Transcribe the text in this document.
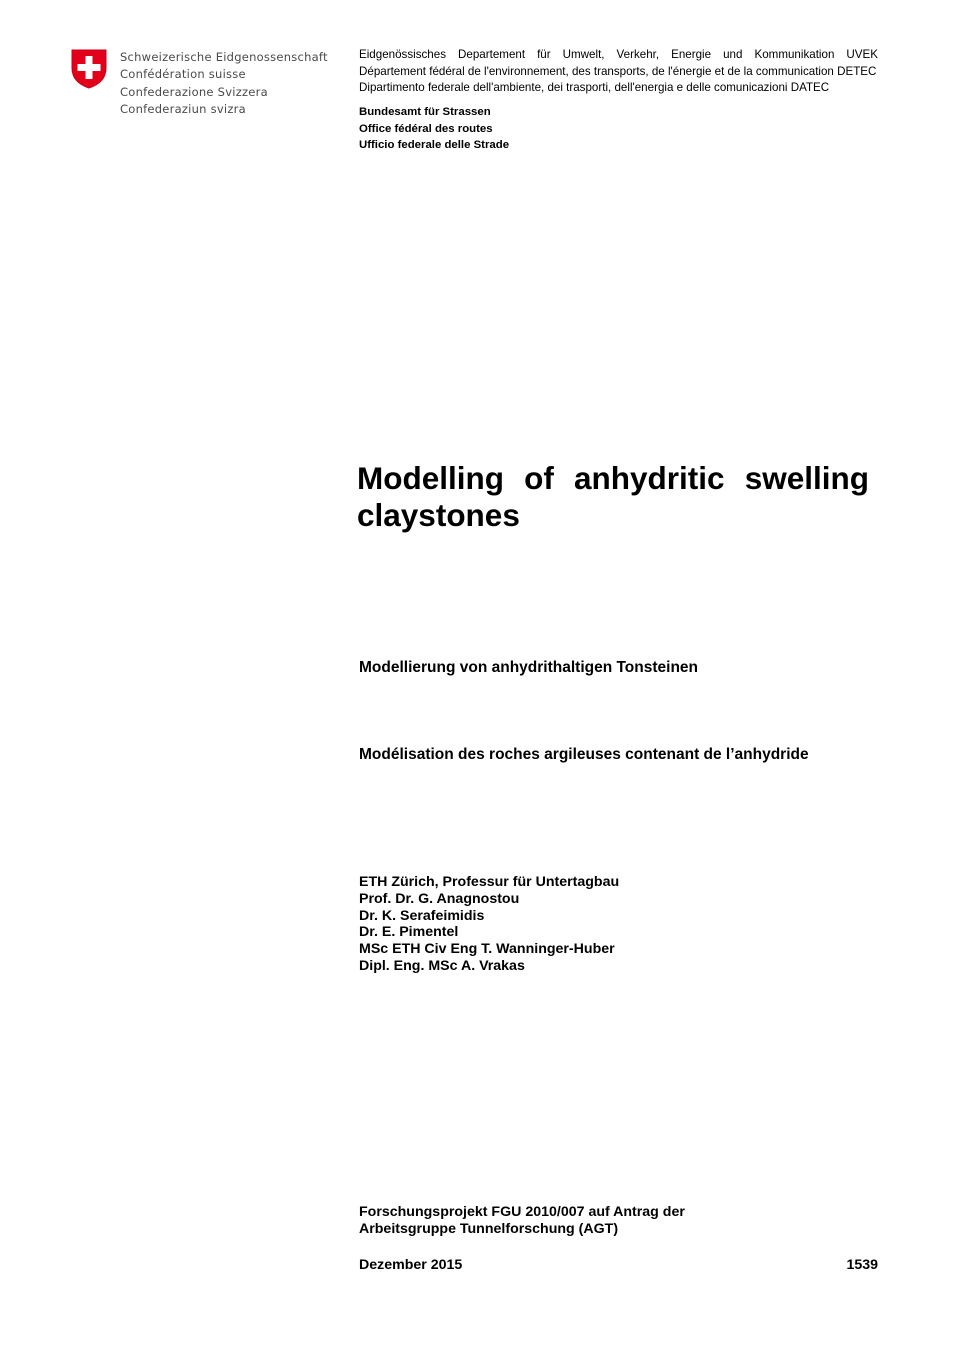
Schweizerische Eidgenossenschaft
Confédération suisse
Confederazione Svizzera
Confederaziun svizra
Eidgenössisches Departement für Umwelt, Verkehr, Energie und Kommunikation UVEK
Département fédéral de l'environnement, des transports, de l'énergie et de la communication DETEC
Dipartimento federale dell'ambiente, dei trasporti, dell'energia e delle comunicazioni DATEC
Bundesamt für Strassen
Office fédéral des routes
Ufficio federale delle Strade
Modelling of anhydritic swelling
claystones
Modellierung von anhydrithaltigen Tonsteinen
Modélisation des roches argileuses contenant de l’anhydride
ETH Zürich, Professur für Untertagbau
Prof. Dr. G. Anagnostou
Dr. K. Serafeimidis
Dr. E. Pimentel
MSc ETH Civ Eng T. Wanninger-Huber
Dipl. Eng. MSc A. Vrakas
Forschungsprojekt FGU 2010/007 auf Antrag der
Arbeitsgruppe Tunnelforschung (AGT)
Dezember 2015	1539
